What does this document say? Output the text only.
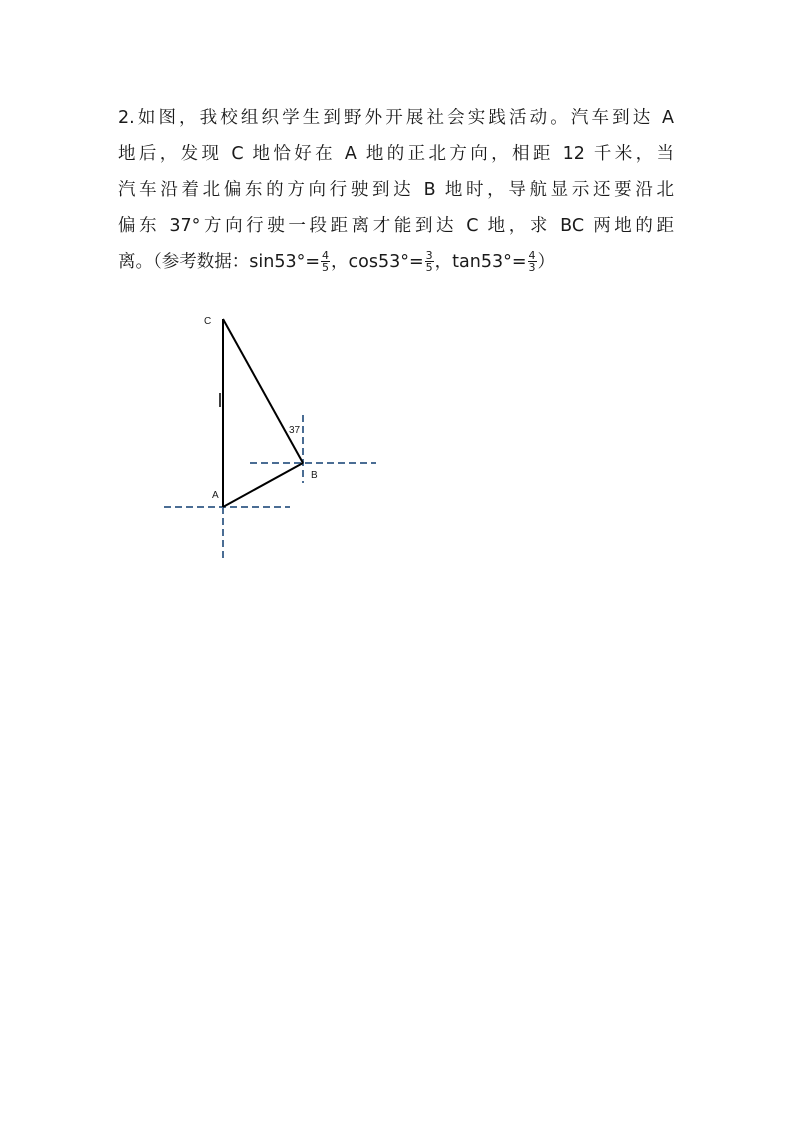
2.如图，我校组织学生到野外开展社会实践活动。汽车到达 A
地后，发现 C 地恰好在 A 地的正北方向，相距 12 千米，当
汽车沿着北偏东的方向行驶到达 B 地时，导航显示还要沿北
偏东 37°方向行驶一段距离才能到达 C 地，求 BC 两地的距
离。（参考数据：$\sin 53^\circ= \frac{4}{5}$ ，$\cos 53^\circ= \frac{3}{5}$ ，$\tan 53^\circ= \frac{4}{3}$ ）
C
A
B
37
